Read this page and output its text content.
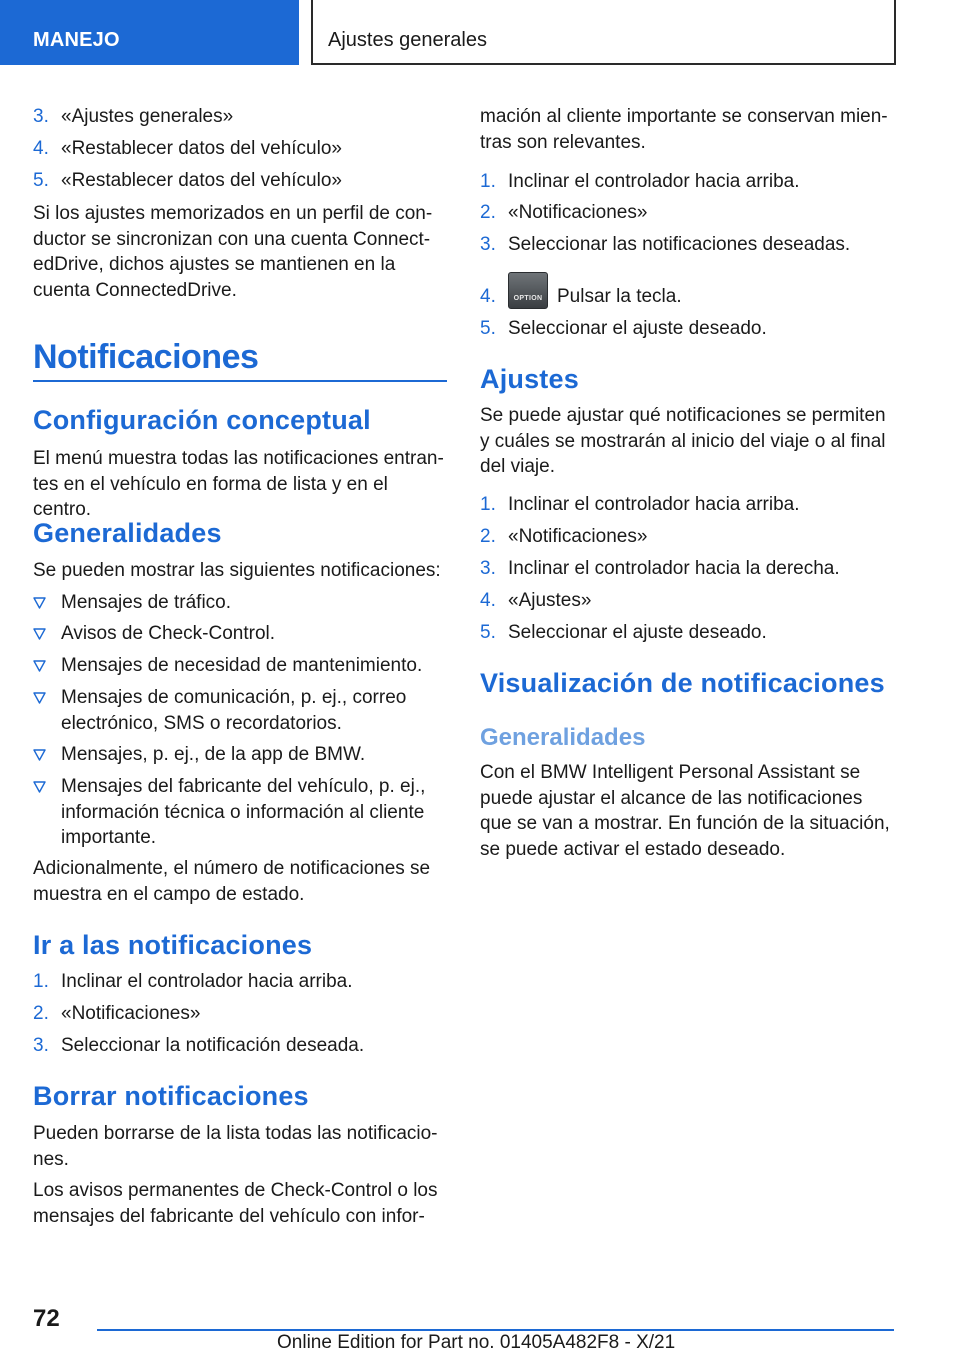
MANEJO	Ajustes generales
3. «Ajustes generales»
4. «Restablecer datos del vehículo»
5. «Restablecer datos del vehículo»
Si los ajustes memorizados en un perfil de con-
ductor se sincronizan con una cuenta Connect-
edDrive, dichos ajustes se mantienen en la
cuenta ConnectedDrive.
Notificaciones
Configuración conceptual
El menú muestra todas las notificaciones entran-
tes en el vehículo en forma de lista y en el centro.
Generalidades
Se pueden mostrar las siguientes notificaciones:
Mensajes de tráfico.
Avisos de Check-Control.
Mensajes de necesidad de mantenimiento.
Mensajes de comunicación, p. ej., correo
electrónico, SMS o recordatorios.
Mensajes, p. ej., de la app de BMW.
Mensajes del fabricante del vehículo, p. ej.,
información técnica o información al cliente
importante.
Adicionalmente, el número de notificaciones se
muestra en el campo de estado.
Ir a las notificaciones
1. Inclinar el controlador hacia arriba.
2. «Notificaciones»
3. Seleccionar la notificación deseada.
Borrar notificaciones
Pueden borrarse de la lista todas las notificacio-
nes.
Los avisos permanentes de Check-Control o los
mensajes del fabricante del vehículo con infor-
mación al cliente importante se conservan mien-
tras son relevantes.
1. Inclinar el controlador hacia arriba.
2. «Notificaciones»
3. Seleccionar las notificaciones deseadas.
4.	OPTION Pulsar la tecla.
5. Seleccionar el ajuste deseado.
Ajustes
Se puede ajustar qué notificaciones se permiten
y cuáles se mostrarán al inicio del viaje o al final
del viaje.
1. Inclinar el controlador hacia arriba.
2. «Notificaciones»
3. Inclinar el controlador hacia la derecha.
4. «Ajustes»
5. Seleccionar el ajuste deseado.
Visualización de notificaciones
Generalidades
Con el BMW Intelligent Personal Assistant se
puede ajustar el alcance de las notificaciones
que se van a mostrar. En función de la situación,
se puede activar el estado deseado.
72
Online Edition for Part no. 01405A482F8 - X/21
